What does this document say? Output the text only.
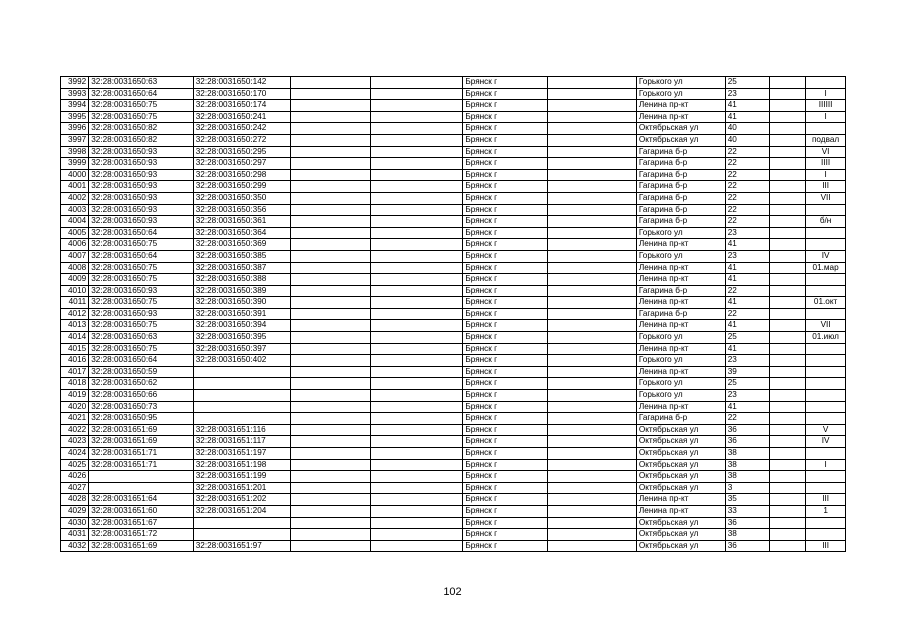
3992	32:28:0031650:63	32:28:0031650:142			Брянск г		Горького ул	25		
3993	32:28:0031650:64	32:28:0031650:170			Брянск г		Горького ул	23		I
3994	32:28:0031650:75	32:28:0031650:174			Брянск г		Ленина пр-кт	41		IIIIII
3995	32:28:0031650:75	32:28:0031650:241			Брянск г		Ленина пр-кт	41		I
3996	32:28:0031650:82	32:28:0031650:242			Брянск г		Октябрьская ул	40		
3997	32:28:0031650:82	32:28:0031650:272			Брянск г		Октябрьская ул	40		подвал
3998	32:28:0031650:93	32:28:0031650:295			Брянск г		Гагарина б-р	22		VI
3999	32:28:0031650:93	32:28:0031650:297			Брянск г		Гагарина б-р	22		IIII
4000	32:28:0031650:93	32:28:0031650:298			Брянск г		Гагарина б-р	22		I
4001	32:28:0031650:93	32:28:0031650:299			Брянск г		Гагарина б-р	22		III
4002	32:28:0031650:93	32:28:0031650:350			Брянск г		Гагарина б-р	22		VII
4003	32:28:0031650:93	32:28:0031650:356			Брянск г		Гагарина б-р	22		
4004	32:28:0031650:93	32:28:0031650:361			Брянск г		Гагарина б-р	22		б/н
4005	32:28:0031650:64	32:28:0031650:364			Брянск г		Горького ул	23		
4006	32:28:0031650:75	32:28:0031650:369			Брянск г		Ленина пр-кт	41		
4007	32:28:0031650:64	32:28:0031650:385			Брянск г		Горького ул	23		IV
4008	32:28:0031650:75	32:28:0031650:387			Брянск г		Ленина пр-кт	41		01.мар
4009	32:28:0031650:75	32:28:0031650:388			Брянск г		Ленина пр-кт	41		
4010	32:28:0031650:93	32:28:0031650:389			Брянск г		Гагарина б-р	22		
4011	32:28:0031650:75	32:28:0031650:390			Брянск г		Ленина пр-кт	41		01.окт
4012	32:28:0031650:93	32:28:0031650:391			Брянск г		Гагарина б-р	22		
4013	32:28:0031650:75	32:28:0031650:394			Брянск г		Ленина пр-кт	41		VII
4014	32:28:0031650:63	32:28:0031650:395			Брянск г		Горького ул	25		01.июл
4015	32:28:0031650:75	32:28:0031650:397			Брянск г		Ленина пр-кт	41		
4016	32:28:0031650:64	32:28:0031650:402			Брянск г		Горького ул	23		
4017	32:28:0031650:59				Брянск г		Ленина пр-кт	39		
4018	32:28:0031650:62				Брянск г		Горького ул	25		
4019	32:28:0031650:66				Брянск г		Горького ул	23		
4020	32:28:0031650:73				Брянск г		Ленина пр-кт	41		
4021	32:28:0031650:95				Брянск г		Гагарина б-р	22		
4022	32:28:0031651:69	32:28:0031651:116			Брянск г		Октябрьская ул	36		V
4023	32:28:0031651:69	32:28:0031651:117			Брянск г		Октябрьская ул	36		IV
4024	32:28:0031651:71	32:28:0031651:197			Брянск г		Октябрьская ул	38		
4025	32:28:0031651:71	32:28:0031651:198			Брянск г		Октябрьская ул	38		I
4026		32:28:0031651:199			Брянск г		Октябрьская ул	38		
4027		32:28:0031651:201			Брянск г		Октябрьская ул	3		
4028	32:28:0031651:64	32:28:0031651:202			Брянск г		Ленина пр-кт	35		III
4029	32:28:0031651:60	32:28:0031651:204			Брянск г		Ленина пр-кт	33		1
4030	32:28:0031651:67				Брянск г		Октябрьская ул	36		
4031	32:28:0031651:72				Брянск г		Октябрьская ул	38		
4032	32:28:0031651:69	32:28:0031651:97			Брянск г		Октябрьская ул	36		III
102
